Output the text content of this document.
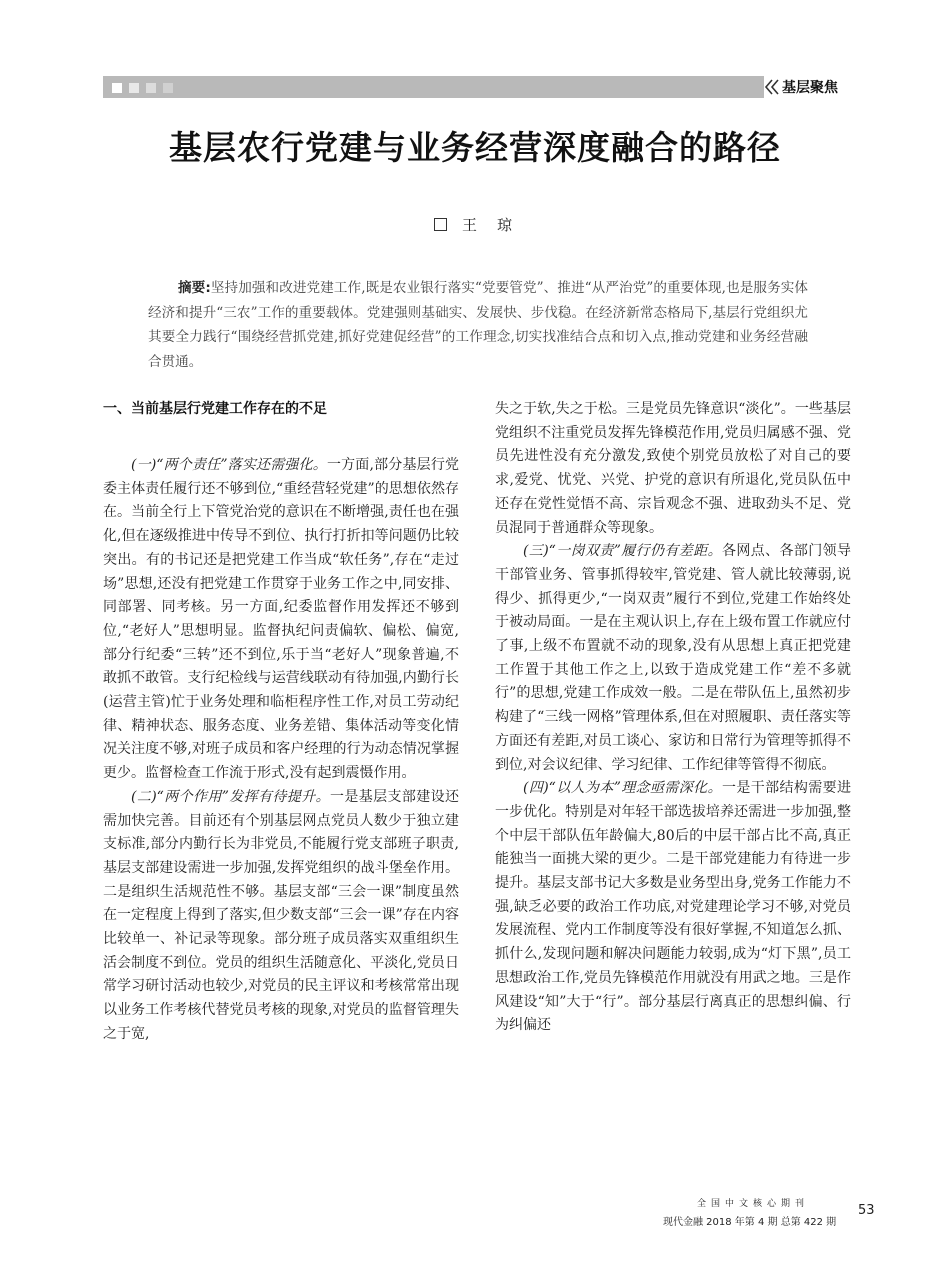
基层聚焦
基层农行党建与业务经营深度融合的路径
王琼
摘要:坚持加强和改进党建工作,既是农业银行落实“党要管党”、推进“从严治党”的重要体现,也是服务实体经济和提升“三农”工作的重要载体。党建强则基础实、发展快、步伐稳。在经济新常态格局下,基层行党组织尤其要全力践行“围绕经营抓党建,抓好党建促经营”的工作理念,切实找准结合点和切入点,推动党建和业务经营融合贯通。

一、当前基层行党建工作存在的不足

(一)“两个责任”落实还需强化。一方面,部分基层行党委主体责任履行还不够到位,“重经营轻党建”的思想依然存在。当前全行上下管党治党的意识在不断增强,责任也在强化,但在逐级推进中传导不到位、执行打折扣等问题仍比较突出。有的书记还是把党建工作当成“软任务”,存在“走过场”思想,还没有把党建工作贯穿于业务工作之中,同安排、同部署、同考核。另一方面,纪委监督作用发挥还不够到位,“老好人”思想明显。监督执纪问责偏软、偏松、偏宽,部分行纪委“三转”还不到位,乐于当“老好人”现象普遍,不敢抓不敢管。支行纪检线与运营线联动有待加强,内勤行长(运营主管)忙于业务处理和临柜程序性工作,对员工劳动纪律、精神状态、服务态度、业务差错、集体活动等变化情况关注度不够,对班子成员和客户经理的行为动态情况掌握更少。监督检查工作流于形式,没有起到震慑作用。

(二)“两个作用”发挥有待提升。一是基层支部建设还需加快完善。目前还有个别基层网点党员人数少于独立建支标准,部分内勤行长为非党员,不能履行党支部班子职责,基层支部建设需进一步加强,发挥党组织的战斗堡垒作用。二是组织生活规范性不够。基层支部“三会一课”制度虽然在一定程度上得到了落实,但少数支部“三会一课”存在内容比较单一、补记录等现象。部分班子成员落实双重组织生活会制度不到位。党员的组织生活随意化、平淡化,党员日常学习研讨活动也较少,对党员的民主评议和考核常常出现以业务工作考核代替党员考核的现象,对党员的监督管理失之于宽,

失之于软,失之于松。三是党员先锋意识“淡化”。一些基层党组织不注重党员发挥先锋模范作用,党员归属感不强、党员先进性没有充分激发,致使个别党员放松了对自己的要求,爱党、忧党、兴党、护党的意识有所退化,党员队伍中还存在党性觉悟不高、宗旨观念不强、进取劲头不足、党员混同于普通群众等现象。

(三)“一岗双责”履行仍有差距。各网点、各部门领导干部管业务、管事抓得较牢,管党建、管人就比较薄弱,说得少、抓得更少,“一岗双责”履行不到位,党建工作始终处于被动局面。一是在主观认识上,存在上级布置工作就应付了事,上级不布置就不动的现象,没有从思想上真正把党建工作置于其他工作之上,以致于造成党建工作“差不多就行”的思想,党建工作成效一般。二是在带队伍上,虽然初步构建了“三线一网格”管理体系,但在对照履职、责任落实等方面还有差距,对员工谈心、家访和日常行为管理等抓得不到位,对会议纪律、学习纪律、工作纪律等管得不彻底。

(四)“以人为本”理念亟需深化。一是干部结构需要进一步优化。特别是对年轻干部选拔培养还需进一步加强,整个中层干部队伍年龄偏大,80后的中层干部占比不高,真正能独当一面挑大梁的更少。二是干部党建能力有待进一步提升。基层支部书记大多数是业务型出身,党务工作能力不强,缺乏必要的政治工作功底,对党建理论学习不够,对党员发展流程、党内工作制度等没有很好掌握,不知道怎么抓、抓什么,发现问题和解决问题能力较弱,成为“灯下黑”,员工思想政治工作,党员先锋模范作用就没有用武之地。三是作风建设“知”大于“行”。部分基层行离真正的思想纠偏、行为纠偏还

全国中文核心期刊
现代金融 2018 年第 4 期 总第 422 期
53
